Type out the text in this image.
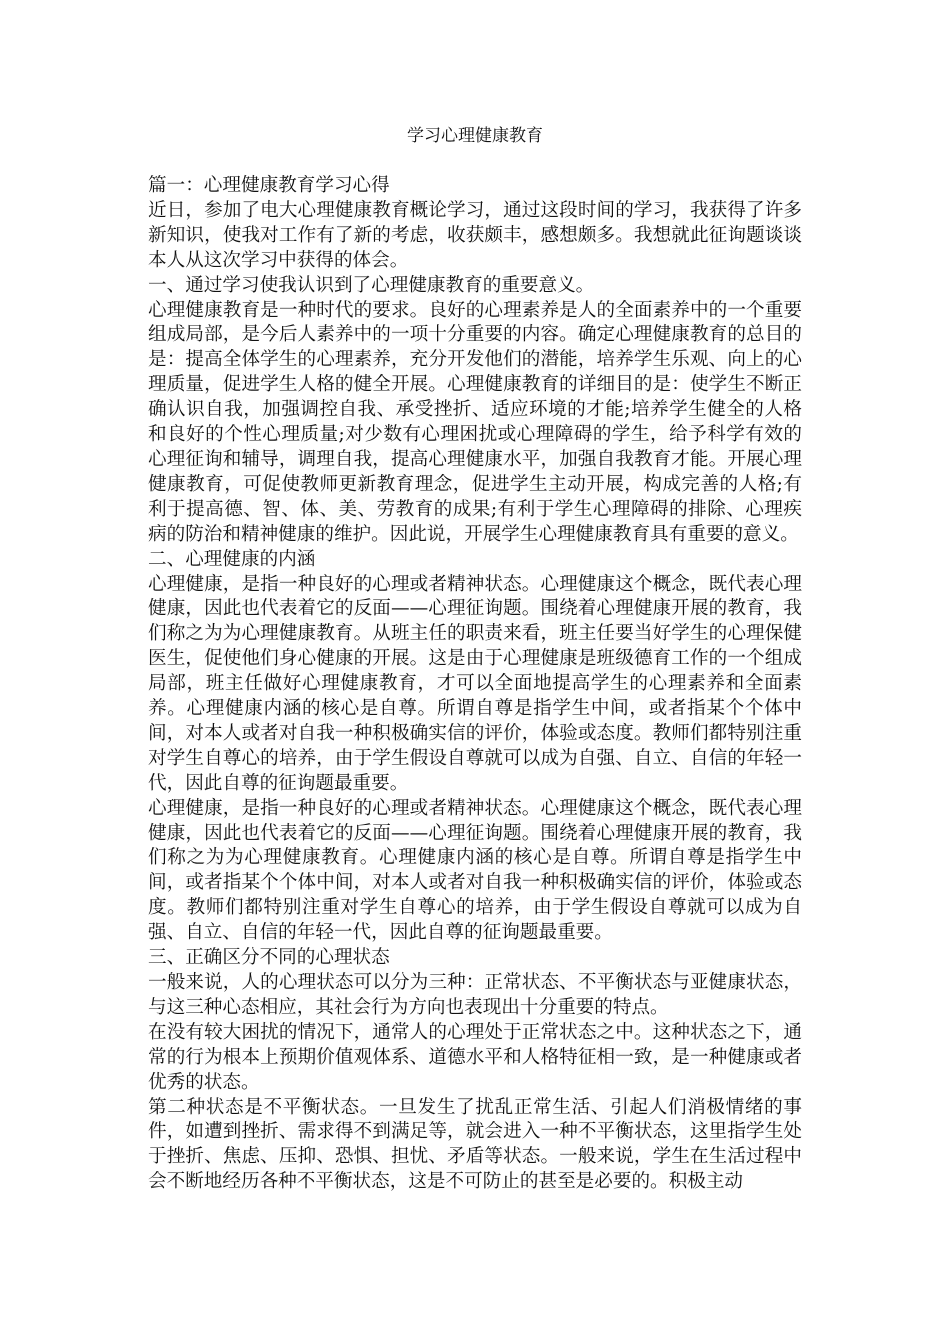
学习心理健康教育

篇一：心理健康教育学习心得

近日，参加了电大心理健康教育概论学习，通过这段时间的学习，我获得了许多新知识，使我对工作有了新的考虑，收获颇丰，感想颇多。我想就此征询题谈谈本人从这次学习中获得的体会。

一、通过学习使我认识到了心理健康教育的重要意义。

心理健康教育是一种时代的要求。良好的心理素养是人的全面素养中的一个重要组成局部，是今后人素养中的一项十分重要的内容。确定心理健康教育的总目的是：提高全体学生的心理素养，充分开发他们的潜能，培养学生乐观、向上的心理质量，促进学生人格的健全开展。心理健康教育的详细目的是：使学生不断正确认识自我，加强调控自我、承受挫折、适应环境的才能;培养学生健全的人格和良好的个性心理质量;对少数有心理困扰或心理障碍的学生，给予科学有效的心理征询和辅导，调理自我，提高心理健康水平，加强自我教育才能。开展心理健康教育，可促使教师更新教育理念，促进学生主动开展，构成完善的人格;有利于提高德、智、体、美、劳教育的成果;有利于学生心理障碍的排除、心理疾病的防治和精神健康的维护。因此说，开展学生心理健康教育具有重要的意义。

二、心理健康的内涵

心理健康，是指一种良好的心理或者精神状态。心理健康这个概念，既代表心理健康，因此也代表着它的反面——心理征询题。围绕着心理健康开展的教育，我们称之为为心理健康教育。从班主任的职责来看，班主任要当好学生的心理保健医生，促使他们身心健康的开展。这是由于心理健康是班级德育工作的一个组成局部，班主任做好心理健康教育，才可以全面地提高学生的心理素养和全面素养。心理健康内涵的核心是自尊。所谓自尊是指学生中间，或者指某个个体中间，对本人或者对自我一种积极确实信的评价，体验或态度。教师们都特别注重对学生自尊心的培养，由于学生假设自尊就可以成为自强、自立、自信的年轻一代，因此自尊的征询题最重要。

心理健康，是指一种良好的心理或者精神状态。心理健康这个概念，既代表心理健康，因此也代表着它的反面——心理征询题。围绕着心理健康开展的教育，我们称之为为心理健康教育。心理健康内涵的核心是自尊。所谓自尊是指学生中间，或者指某个个体中间，对本人或者对自我一种积极确实信的评价，体验或态度。教师们都特别注重对学生自尊心的培养，由于学生假设自尊就可以成为自强、自立、自信的年轻一代，因此自尊的征询题最重要。

三、正确区分不同的心理状态

一般来说，人的心理状态可以分为三种：正常状态、不平衡状态与亚健康状态，与这三种心态相应，其社会行为方向也表现出十分重要的特点。

在没有较大困扰的情况下，通常人的心理处于正常状态之中。这种状态之下，通常的行为根本上预期价值观体系、道德水平和人格特征相一致，是一种健康或者优秀的状态。

第二种状态是不平衡状态。一旦发生了扰乱正常生活、引起人们消极情绪的事件，如遭到挫折、需求得不到满足等，就会进入一种不平衡状态，这里指学生处于挫折、焦虑、压抑、恐惧、担忧、矛盾等状态。一般来说，学生在生活过程中会不断地经历各种不平衡状态，这是不可防止的甚至是必要的。积极主动
